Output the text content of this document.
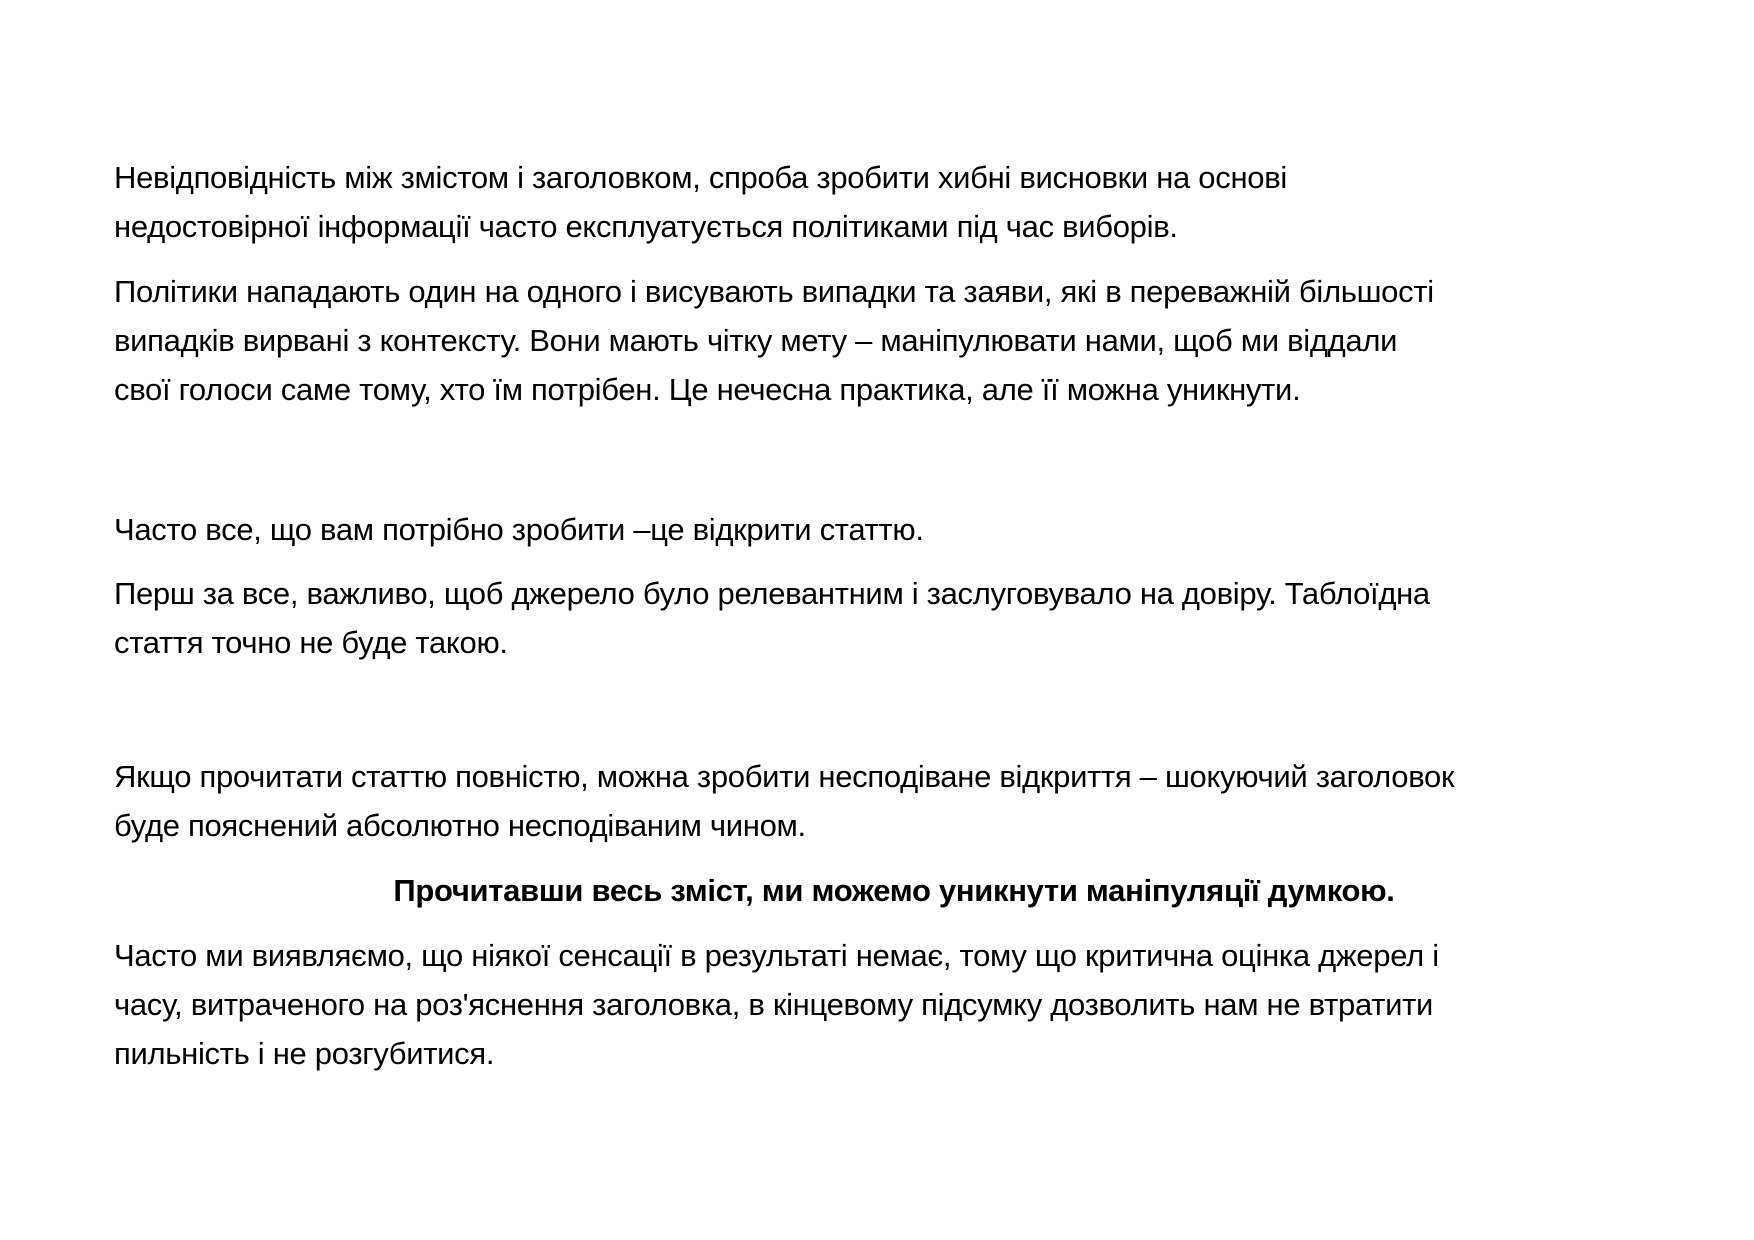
Невідповідність між змістом і заголовком, спроба зробити хибні висновки на основі
недостовірної інформації часто експлуатується політиками під час виборів.

Політики нападають один на одного і висувають випадки та заяви, які в переважній більшості
випадків вирвані з контексту. Вони мають чітку мету – маніпулювати нами, щоб ми віддали
свої голоси саме тому, хто їм потрібен. Це нечесна практика, але її можна уникнути.

Часто все, що вам потрібно зробити –це відкрити статтю.

Перш за все, важливо, щоб джерело було релевантним і заслуговувало на довіру. Таблоїдна
стаття точно не буде такою.

Якщо прочитати статтю повністю, можна зробити несподіване відкриття – шокуючий заголовок
буде пояснений абсолютно несподіваним чином.

Прочитавши весь зміст, ми можемо уникнути маніпуляції думкою.

Часто ми виявляємо, що ніякої сенсації в результаті немає, тому що критична оцінка джерел і
часу, витраченого на роз'яснення заголовка, в кінцевому підсумку дозволить нам не втратити
пильність і не розгубитися.
